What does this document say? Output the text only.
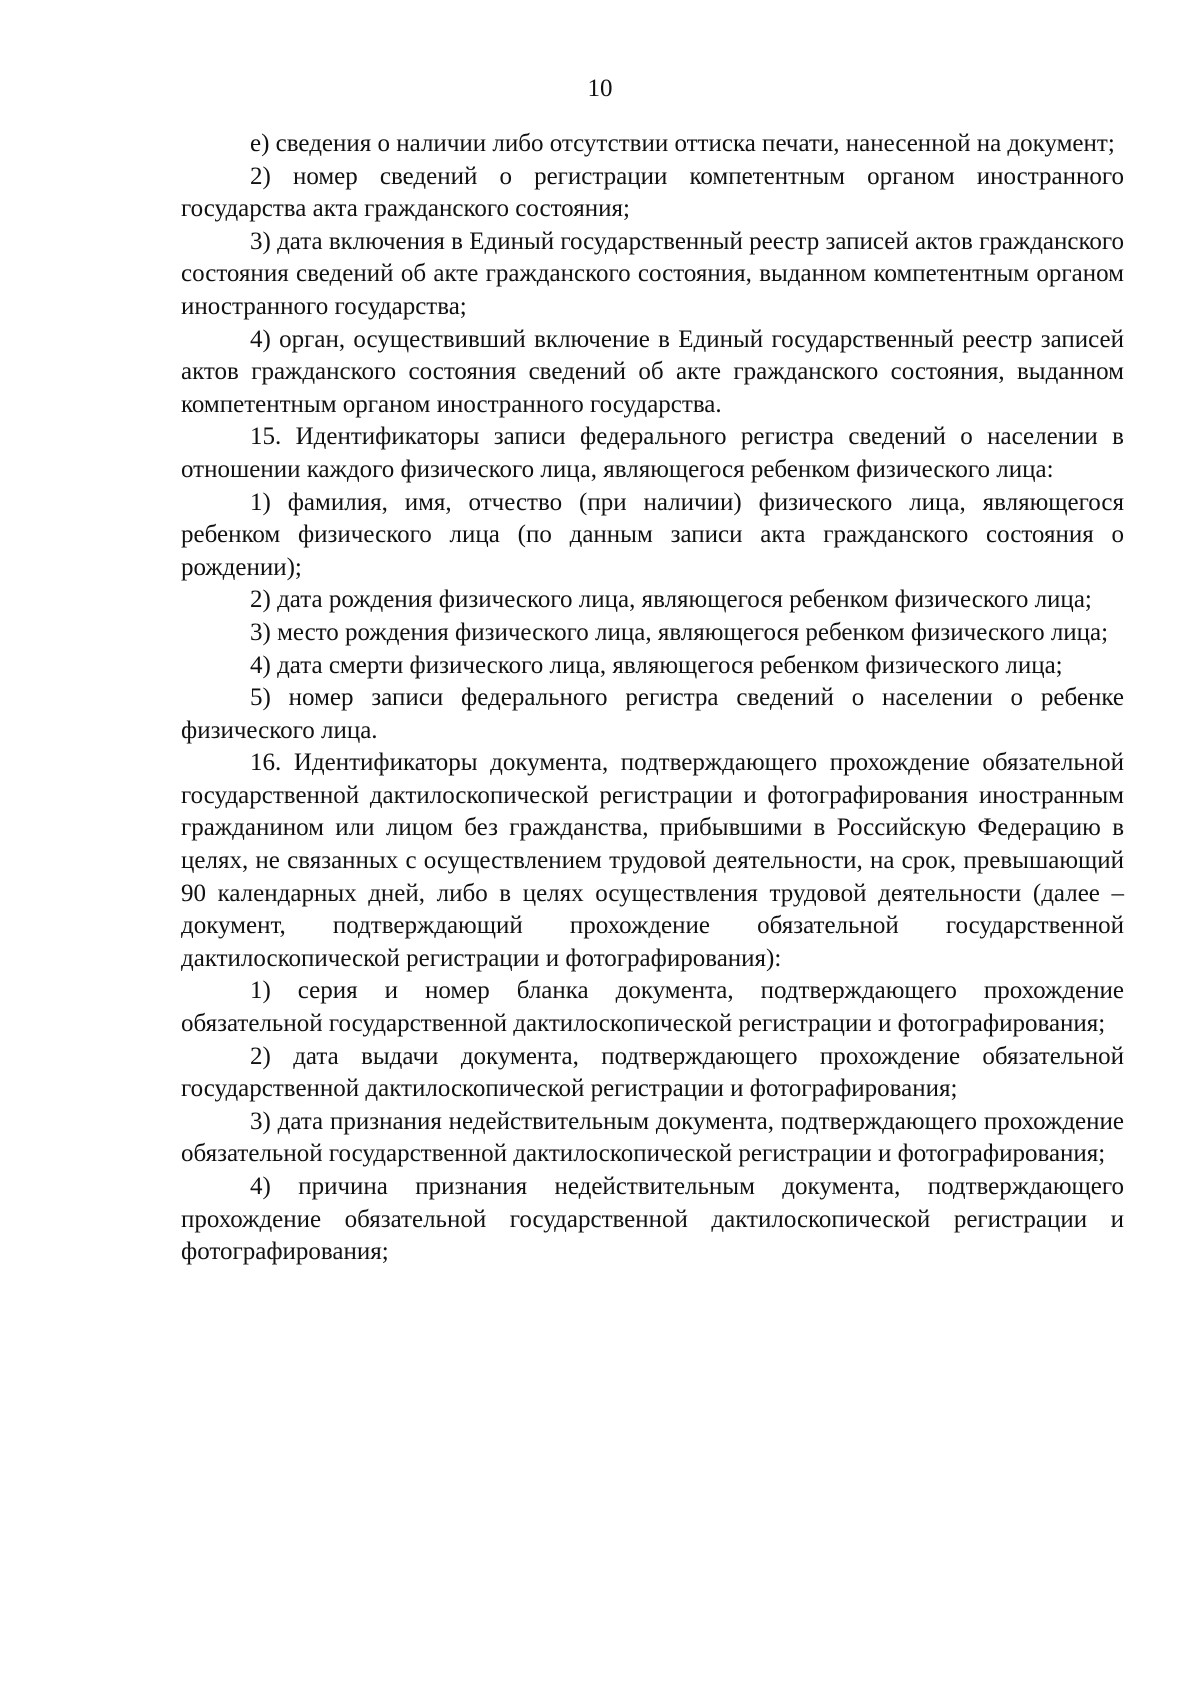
10

е) сведения о наличии либо отсутствии оттиска печати, нанесенной на документ;

2) номер сведений о регистрации компетентным органом иностранного государства акта гражданского состояния;

3) дата включения в Единый государственный реестр записей актов гражданского состояния сведений об акте гражданского состояния, выданном компетентным органом иностранного государства;

4) орган, осуществивший включение в Единый государственный реестр записей актов гражданского состояния сведений об акте гражданского состояния, выданном компетентным органом иностранного государства.

15. Идентификаторы записи федерального регистра сведений о населении в отношении каждого физического лица, являющегося ребенком физического лица:

1) фамилия, имя, отчество (при наличии) физического лица, являющегося ребенком физического лица (по данным записи акта гражданского состояния о рождении);

2) дата рождения физического лица, являющегося ребенком физического лица;

3) место рождения физического лица, являющегося ребенком физического лица;

4) дата смерти физического лица, являющегося ребенком физического лица;

5) номер записи федерального регистра сведений о населении о ребенке физического лица.

16. Идентификаторы документа, подтверждающего прохождение обязательной государственной дактилоскопической регистрации и фотографирования иностранным гражданином или лицом без гражданства, прибывшими в Российскую Федерацию в целях, не связанных с осуществлением трудовой деятельности, на срок, превышающий 90 календарных дней, либо в целях осуществления трудовой деятельности (далее – документ, подтверждающий прохождение обязательной государственной дактилоскопической регистрации и фотографирования):

1) серия и номер бланка документа, подтверждающего прохождение обязательной государственной дактилоскопической регистрации и фотографирования;

2) дата выдачи документа, подтверждающего прохождение обязательной государственной дактилоскопической регистрации и фотографирования;

3) дата признания недействительным документа, подтверждающего прохождение обязательной государственной дактилоскопической регистрации и фотографирования;

4) причина признания недействительным документа, подтверждающего прохождение обязательной государственной дактилоскопической регистрации и фотографирования;
